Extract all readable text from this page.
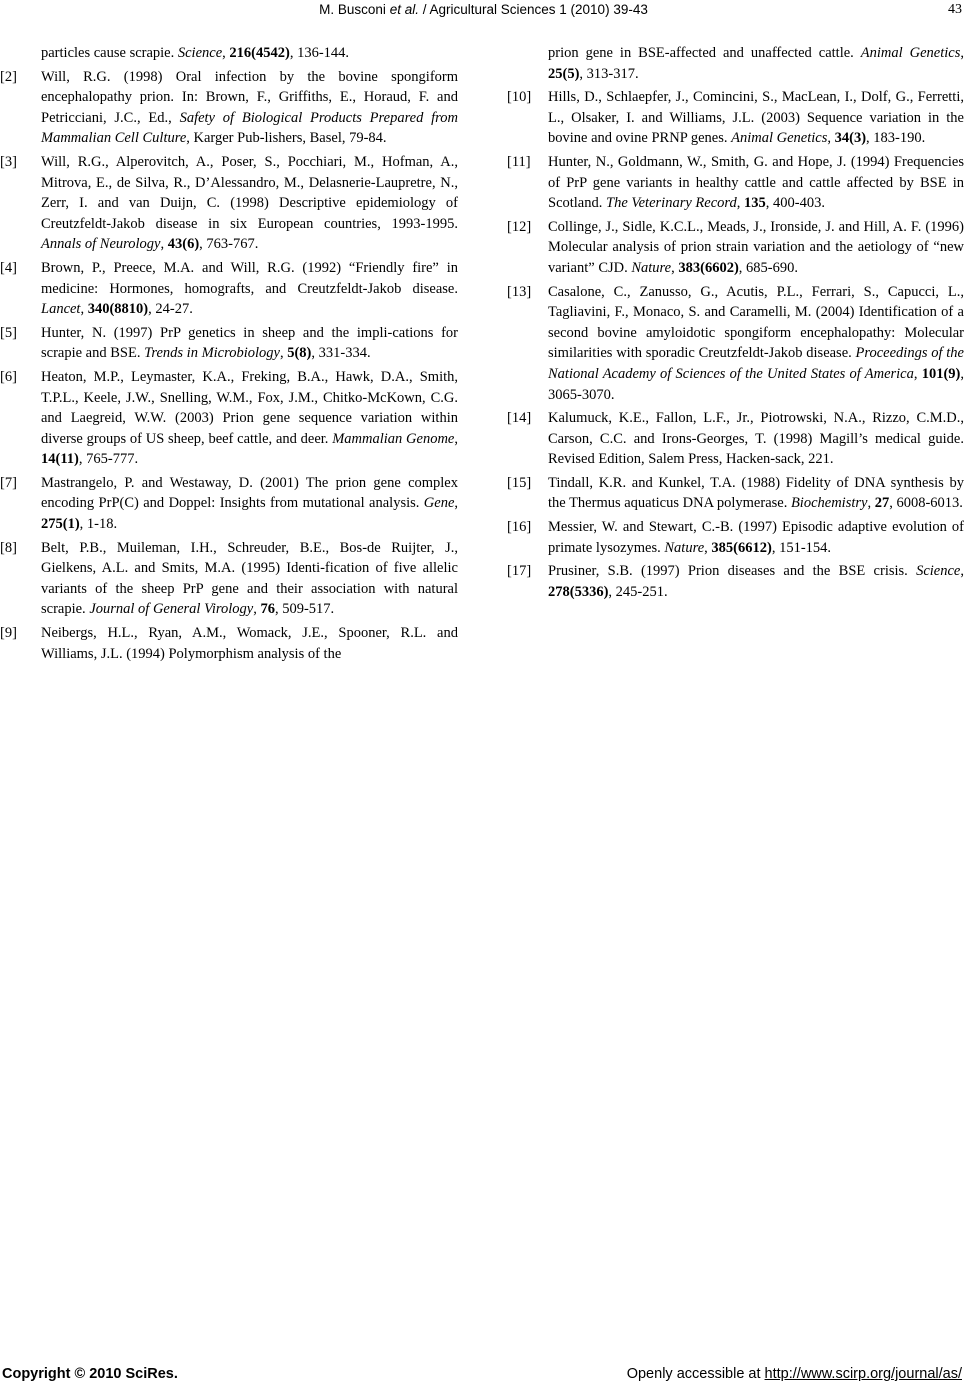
M. Busconi et al. / Agricultural Sciences 1 (2010) 39-43	43
particles cause scrapie. Science, 216(4542), 136-144.
[2] Will, R.G. (1998) Oral infection by the bovine spongiform encephalopathy prion. In: Brown, F., Griffiths, E., Horaud, F. and Petricciani, J.C., Ed., Safety of Biological Products Prepared from Mammalian Cell Culture, Karger Pub-lishers, Basel, 79-84.
[3] Will, R.G., Alperovitch, A., Poser, S., Pocchiari, M., Hofman, A., Mitrova, E., de Silva, R., D’Alessandro, M., Delasnerie-Laupretre, N., Zerr, I. and van Duijn, C. (1998) Descriptive epidemiology of Creutzfeldt-Jakob disease in six European countries, 1993-1995. Annals of Neurology, 43(6), 763-767.
[4] Brown, P., Preece, M.A. and Will, R.G. (1992) “Friendly fire” in medicine: Hormones, homografts, and Creutzfeldt-Jakob disease. Lancet, 340(8810), 24-27.
[5] Hunter, N. (1997) PrP genetics in sheep and the impli-cations for scrapie and BSE. Trends in Microbiology, 5(8), 331-334.
[6] Heaton, M.P., Leymaster, K.A., Freking, B.A., Hawk, D.A., Smith, T.P.L., Keele, J.W., Snelling, W.M., Fox, J.M., Chitko-McKown, C.G. and Laegreid, W.W. (2003) Prion gene sequence variation within diverse groups of US sheep, beef cattle, and deer. Mammalian Genome, 14(11), 765-777.
[7] Mastrangelo, P. and Westaway, D. (2001) The prion gene complex encoding PrP(C) and Doppel: Insights from mutational analysis. Gene, 275(1), 1-18.
[8] Belt, P.B., Muileman, I.H., Schreuder, B.E., Bos-de Ruijter, J., Gielkens, A.L. and Smits, M.A. (1995) Identi-fication of five allelic variants of the sheep PrP gene and their association with natural scrapie. Journal of General Virology, 76, 509-517.
[9] Neibergs, H.L., Ryan, A.M., Womack, J.E., Spooner, R.L. and Williams, J.L. (1994) Polymorphism analysis of the
prion gene in BSE-affected and unaffected cattle. Animal Genetics, 25(5), 313-317.
[10] Hills, D., Schlaepfer, J., Comincini, S., MacLean, I., Dolf, G., Ferretti, L., Olsaker, I. and Williams, J.L. (2003) Sequence variation in the bovine and ovine PRNP genes. Animal Genetics, 34(3), 183-190.
[11] Hunter, N., Goldmann, W., Smith, G. and Hope, J. (1994) Frequencies of PrP gene variants in healthy cattle and cattle affected by BSE in Scotland. The Veterinary Record, 135, 400-403.
[12] Collinge, J., Sidle, K.C.L., Meads, J., Ironside, J. and Hill, A. F. (1996) Molecular analysis of prion strain variation and the aetiology of “new variant” CJD. Nature, 383(6602), 685-690.
[13] Casalone, C., Zanusso, G., Acutis, P.L., Ferrari, S., Capucci, L., Tagliavini, F., Monaco, S. and Caramelli, M. (2004) Identification of a second bovine amyloidotic spongiform encephalopathy: Molecular similarities with sporadic Creutzfeldt-Jakob disease. Proceedings of the National Academy of Sciences of the United States of America, 101(9), 3065-3070.
[14] Kalumuck, K.E., Fallon, L.F., Jr., Piotrowski, N.A., Rizzo, C.M.D., Carson, C.C. and Irons-Georges, T. (1998) Magill’s medical guide. Revised Edition, Salem Press, Hacken-sack, 221.
[15] Tindall, K.R. and Kunkel, T.A. (1988) Fidelity of DNA synthesis by the Thermus aquaticus DNA polymerase. Biochemistry, 27, 6008-6013.
[16] Messier, W. and Stewart, C.-B. (1997) Episodic adaptive evolution of primate lysozymes. Nature, 385(6612), 151-154.
[17] Prusiner, S.B. (1997) Prion diseases and the BSE crisis. Science, 278(5336), 245-251.
Copyright © 2010 SciRes.	Openly accessible at http://www.scirp.org/journal/as/
